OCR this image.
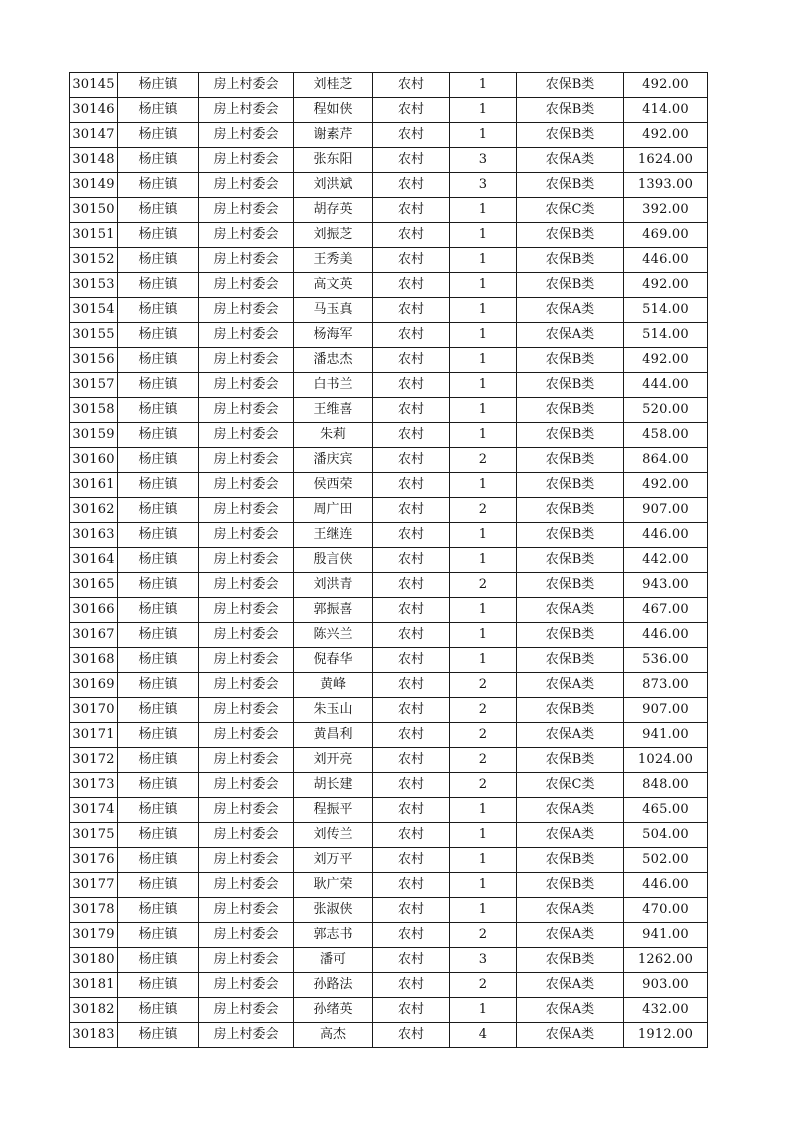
30145	杨庄镇	房上村委会	刘桂芝	农村	1	农保B类	492.00
30146	杨庄镇	房上村委会	程如侠	农村	1	农保B类	414.00
30147	杨庄镇	房上村委会	谢素芹	农村	1	农保B类	492.00
30148	杨庄镇	房上村委会	张东阳	农村	3	农保A类	1624.00
30149	杨庄镇	房上村委会	刘洪斌	农村	3	农保B类	1393.00
30150	杨庄镇	房上村委会	胡存英	农村	1	农保C类	392.00
30151	杨庄镇	房上村委会	刘振芝	农村	1	农保B类	469.00
30152	杨庄镇	房上村委会	王秀美	农村	1	农保B类	446.00
30153	杨庄镇	房上村委会	高文英	农村	1	农保B类	492.00
30154	杨庄镇	房上村委会	马玉真	农村	1	农保A类	514.00
30155	杨庄镇	房上村委会	杨海军	农村	1	农保A类	514.00
30156	杨庄镇	房上村委会	潘忠杰	农村	1	农保B类	492.00
30157	杨庄镇	房上村委会	白书兰	农村	1	农保B类	444.00
30158	杨庄镇	房上村委会	王维喜	农村	1	农保B类	520.00
30159	杨庄镇	房上村委会	朱莉	农村	1	农保B类	458.00
30160	杨庄镇	房上村委会	潘庆宾	农村	2	农保B类	864.00
30161	杨庄镇	房上村委会	侯西荣	农村	1	农保B类	492.00
30162	杨庄镇	房上村委会	周广田	农村	2	农保B类	907.00
30163	杨庄镇	房上村委会	王继连	农村	1	农保B类	446.00
30164	杨庄镇	房上村委会	殷言侠	农村	1	农保B类	442.00
30165	杨庄镇	房上村委会	刘洪青	农村	2	农保B类	943.00
30166	杨庄镇	房上村委会	郭振喜	农村	1	农保A类	467.00
30167	杨庄镇	房上村委会	陈兴兰	农村	1	农保B类	446.00
30168	杨庄镇	房上村委会	倪春华	农村	1	农保B类	536.00
30169	杨庄镇	房上村委会	黄峰	农村	2	农保A类	873.00
30170	杨庄镇	房上村委会	朱玉山	农村	2	农保B类	907.00
30171	杨庄镇	房上村委会	黄昌利	农村	2	农保A类	941.00
30172	杨庄镇	房上村委会	刘开亮	农村	2	农保B类	1024.00
30173	杨庄镇	房上村委会	胡长建	农村	2	农保C类	848.00
30174	杨庄镇	房上村委会	程振平	农村	1	农保A类	465.00
30175	杨庄镇	房上村委会	刘传兰	农村	1	农保A类	504.00
30176	杨庄镇	房上村委会	刘万平	农村	1	农保B类	502.00
30177	杨庄镇	房上村委会	耿广荣	农村	1	农保B类	446.00
30178	杨庄镇	房上村委会	张淑侠	农村	1	农保A类	470.00
30179	杨庄镇	房上村委会	郭志书	农村	2	农保A类	941.00
30180	杨庄镇	房上村委会	潘可	农村	3	农保B类	1262.00
30181	杨庄镇	房上村委会	孙路法	农村	2	农保A类	903.00
30182	杨庄镇	房上村委会	孙绪英	农村	1	农保A类	432.00
30183	杨庄镇	房上村委会	高杰	农村	4	农保A类	1912.00
